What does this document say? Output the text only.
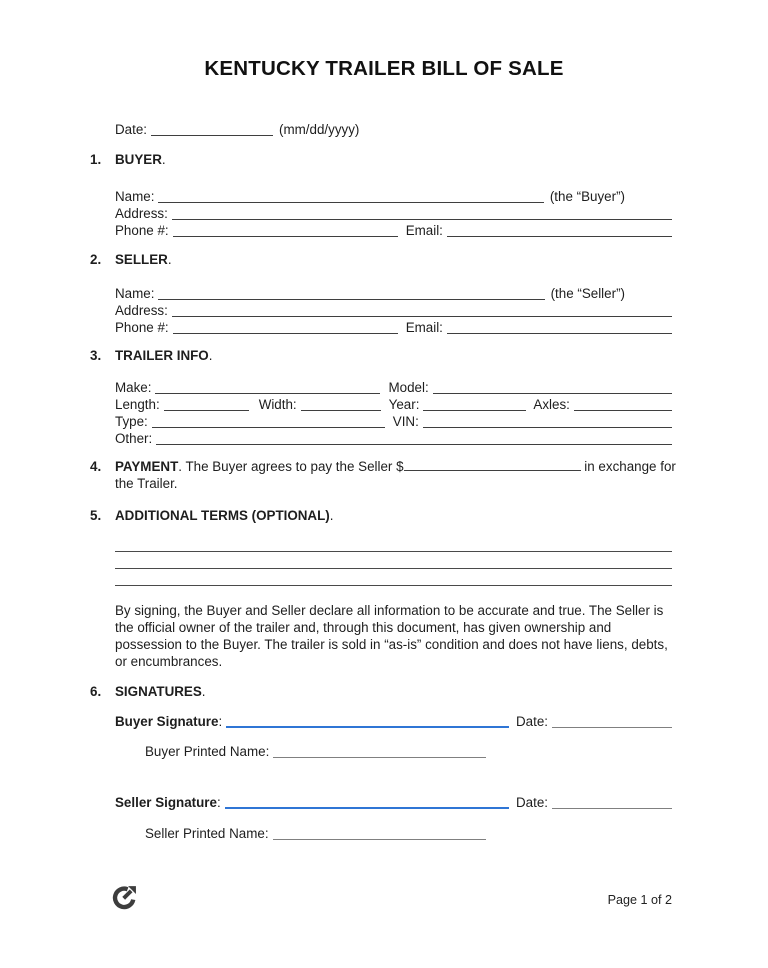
KENTUCKY TRAILER BILL OF SALE
Date:	(mm/dd/yyyy)
1. BUYER.
Name:	(the “Buyer”)
Address:
Phone #:	Email:
2. SELLER.
Name:	(the “Seller”)
Address:
Phone #:	Email:
3. TRAILER INFO.
Make:	Model:
Length:	Width:	Year:	Axles:
Type:	VIN:
Other:
4. PAYMENT. The Buyer agrees to pay the Seller $	in exchange for
the Trailer.
5. ADDITIONAL TERMS (OPTIONAL).
By signing, the Buyer and Seller declare all information to be accurate and true. The Seller is the official owner of the trailer and, through this document, has given ownership and possession to the Buyer. The trailer is sold in “as-is” condition and does not have liens, debts, or encumbrances.
6. SIGNATURES.
Buyer Signature :	Date:
Buyer Printed Name:
Seller Signature :	Date:
Seller Printed Name:
Page 1 of 2
